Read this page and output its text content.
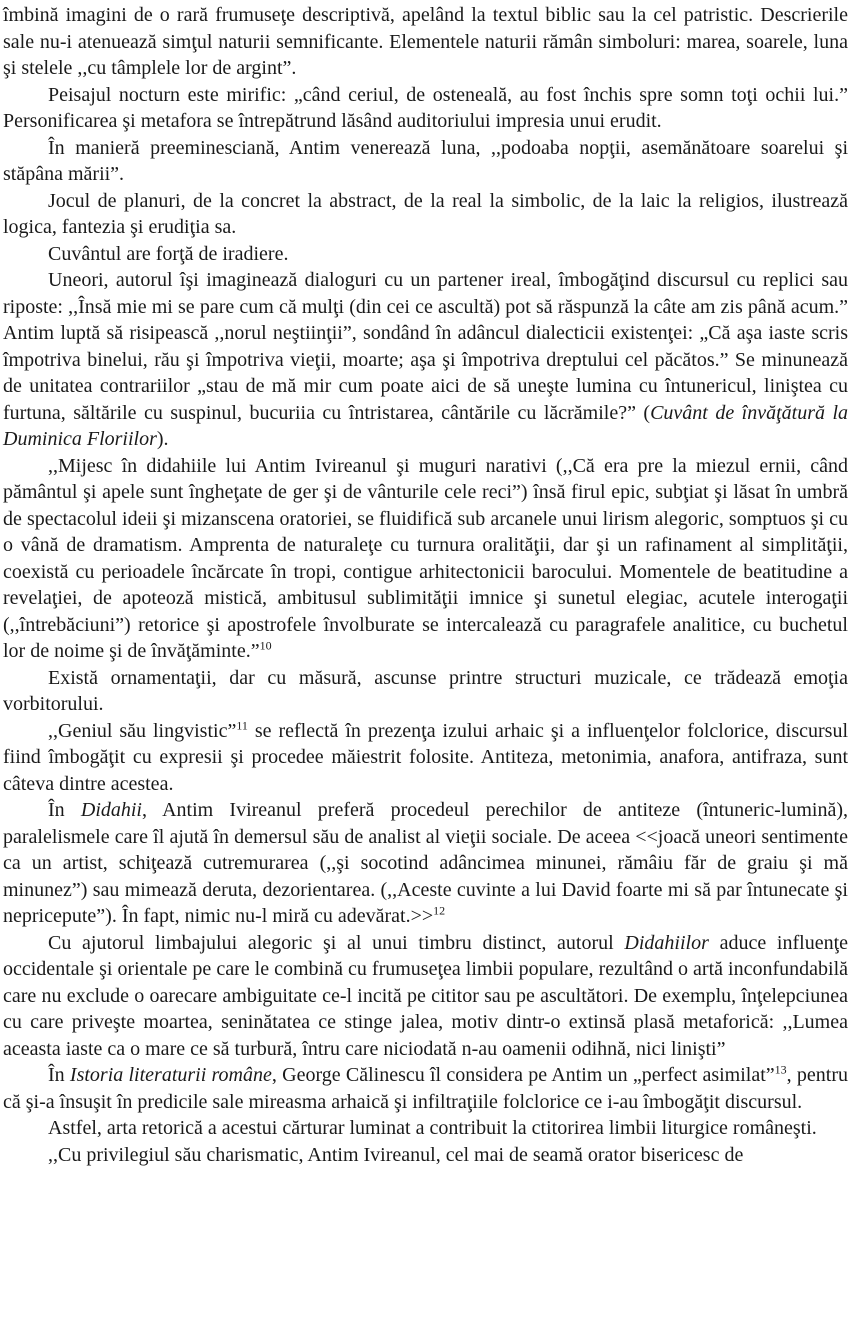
îmbină imagini de o rară frumuseţe descriptivă, apelând la textul biblic sau la cel patristic. Descrierile sale nu-i atenuează simţul naturii semnificante. Elementele naturii rămân simboluri: marea, soarele, luna şi stelele ,,cu tâmplele lor de argint”.

Peisajul nocturn este mirific: „când ceriul, de osteneală, au fost închis spre somn toţi ochii lui.” Personificarea şi metafora se întrepătrund lăsând auditoriului impresia unui erudit.

În manieră preeminesciană, Antim venerează luna, ,,podoaba nopţii, asemănătoare soarelui şi stăpâna mării”.

Jocul de planuri, de la concret la abstract, de la real la simbolic, de la laic la religios, ilustrează logica, fantezia şi erudiţia sa.

Cuvântul are forţă de iradiere.

Uneori, autorul îşi imaginează dialoguri cu un partener ireal, îmbogăţind discursul cu replici sau riposte: ,,Însă mie mi se pare cum că mulţi (din cei ce ascultă) pot să răspunză la câte am zis până acum.” Antim luptă să risipească ,,norul neştiinţii”, sondând în adâncul dialecticii existenţei: „Că aşa iaste scris împotriva binelui, rău şi împotriva vieţii, moarte; aşa şi împotriva dreptului cel păcătos.” Se minunează de unitatea contrariilor „stau de mă mir cum poate aici de să uneşte lumina cu întunericul, liniştea cu furtuna, săltările cu suspinul, bucuriia cu întristarea, cântările cu lăcrămile?” (Cuvânt de învăţătură la Duminica Floriilor).

,,Mijesc în didahiile lui Antim Ivireanul şi muguri narativi (,,Că era pre la miezul ernii, când pământul şi apele sunt îngheţate de ger şi de vânturile cele reci”) însă firul epic, subţiat şi lăsat în umbră de spectacolul ideii şi mizanscena oratoriei, se fluidifică sub arcanele unui lirism alegoric, somptuos şi cu o vână de dramatism. Amprenta de naturaleţe cu turnura oralităţii, dar şi un rafinament al simplităţii, coexistă cu perioadele încărcate în tropi, contigue arhitectonicii barocului. Momentele de beatitudine a revelaţiei, de apoteoză mistică, ambitusul sublimităţii imnice şi sunetul elegiac, acutele interogaţii (,,întrebăciuni”) retorice şi apostrofele învolburate se intercalează cu paragrafele analitice, cu buchetul lor de noime şi de învăţăminte.”$^{10}$

Există ornamentaţii, dar cu măsură, ascunse printre structuri muzicale, ce trădează emoţia vorbitorului.

,,Geniul său lingvistic”$^{11}$ se reflectă în prezenţa izului arhaic şi a influenţelor folclorice, discursul fiind îmbogăţit cu expresii şi procedee măiestrit folosite. Antiteza, metonimia, anafora, antifraza, sunt câteva dintre acestea.

În Didahii, Antim Ivireanul preferă procedeul perechilor de antiteze (întuneric-lumină), paralelismele care îl ajută în demersul său de analist al vieţii sociale. De aceea <<joacă uneori sentimente ca un artist, schiţează cutremurarea (,,şi socotind adâncimea minunei, rămâiu făr de graiu şi mă minunez”) sau mimează deruta, dezorientarea. (,,Aceste cuvinte a lui David foarte mi să par întunecate şi nepricepute”). În fapt, nimic nu-l miră cu adevărat.>>$^{12}$

Cu ajutorul limbajului alegoric şi al unui timbru distinct, autorul Didahiilor aduce influenţe occidentale şi orientale pe care le combină cu frumuseţea limbii populare, rezultând o artă inconfundabilă care nu exclude o oarecare ambiguitate ce-l incită pe cititor sau pe ascultători. De exemplu, înţelepciunea cu care priveşte moartea, seninătatea ce stinge jalea, motiv dintr-o extinsă plasă metaforică: ,,Lumea aceasta iaste ca o mare ce să turbură, întru care niciodată n-au oamenii odihnă, nici linişti”

În Istoria literaturii române, George Călinescu îl considera pe Antim un „perfect asimilat”$^{13}$, pentru că şi-a însuşit în predicile sale mireasma arhaică şi infiltraţiile folclorice ce i-au îmbogăţit discursul.

Astfel, arta retorică a acestui cărturar luminat a contribuit la ctitorirea limbii liturgice româneşti.

,,Cu privilegiul său charismatic, Antim Ivireanul, cel mai de seamă orator bisericesc de
